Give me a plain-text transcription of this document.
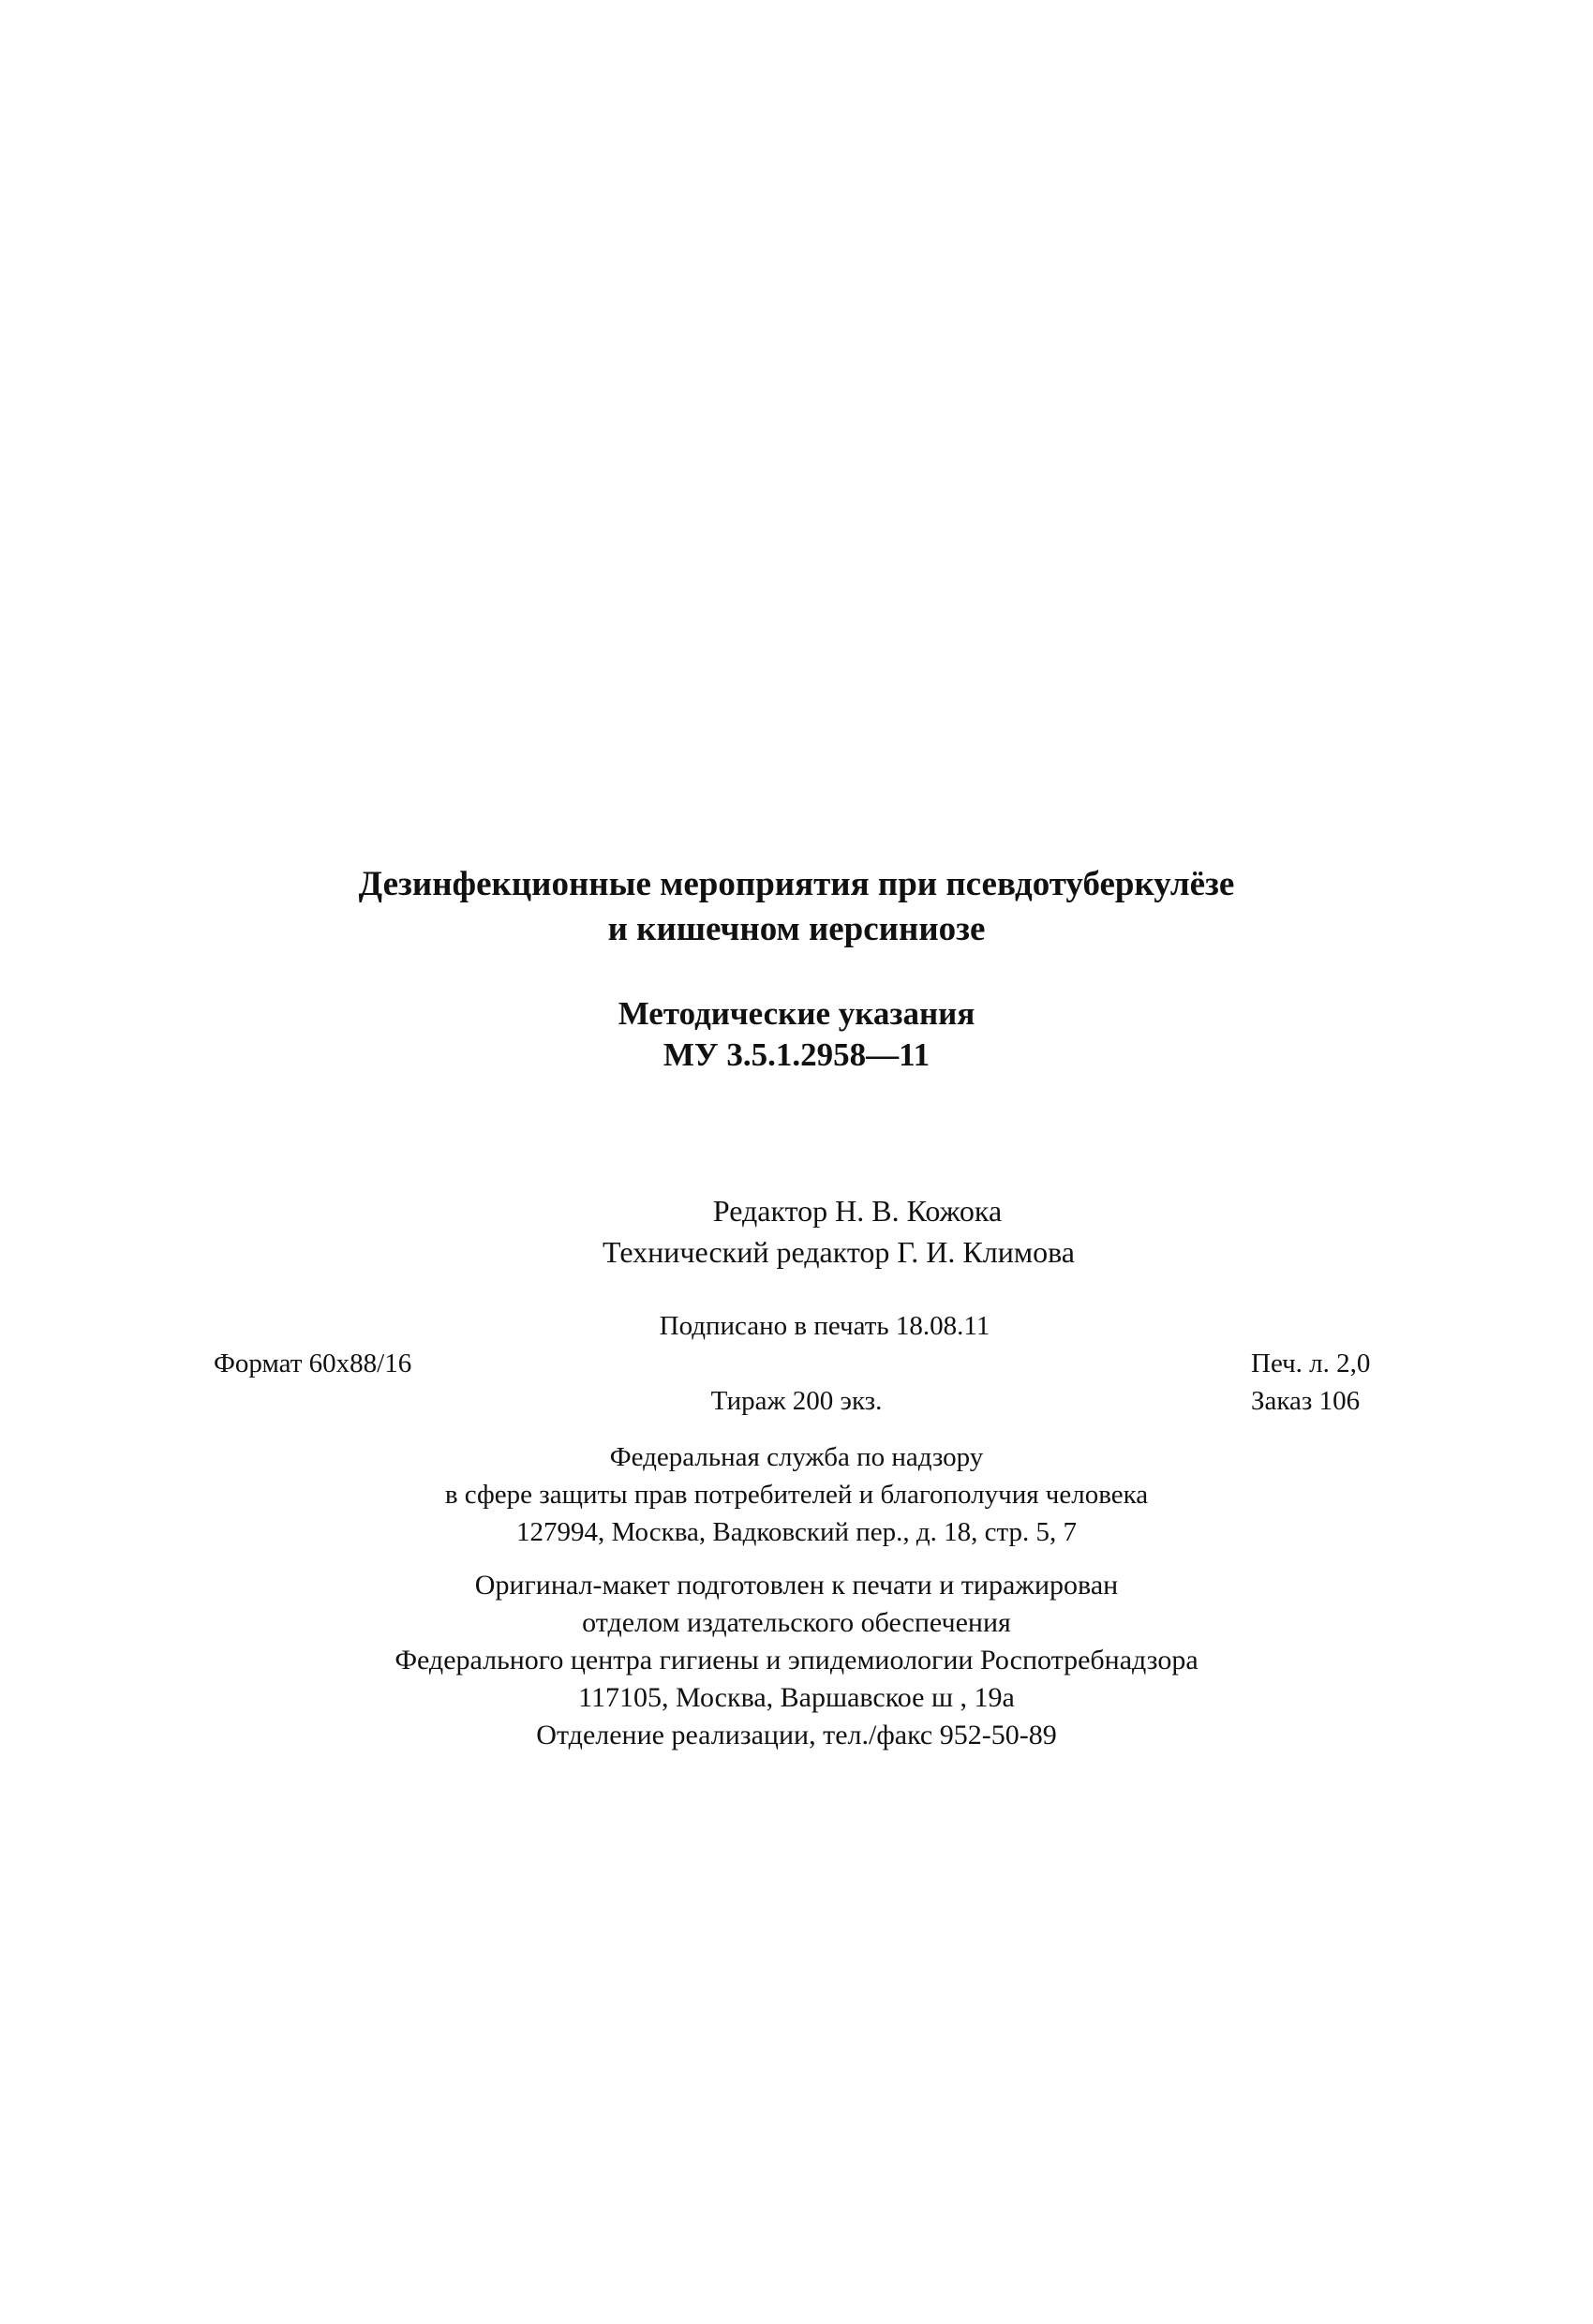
Дезинфекционные мероприятия при псевдотуберкулёзе
и кишечном иерсиниозе
Методические указания
МУ 3.5.1.2958—11
Редактор Н. В. Кожока
Технический редактор Г. И. Климова
Подписано в печать 18.08.11
Формат 60х88/16	Печ. л. 2,0
Тираж 200 экз.	Заказ 106
Федеральная служба по надзору
в сфере защиты прав потребителей и благополучия человека
127994, Москва, Вадковский пер., д. 18, стр. 5, 7
Оригинал-макет подготовлен к печати и тиражирован
отделом издательского обеспечения
Федерального центра гигиены и эпидемиологии Роспотребнадзора
117105, Москва, Варшавское ш , 19а
Отделение реализации, тел./факс 952-50-89
